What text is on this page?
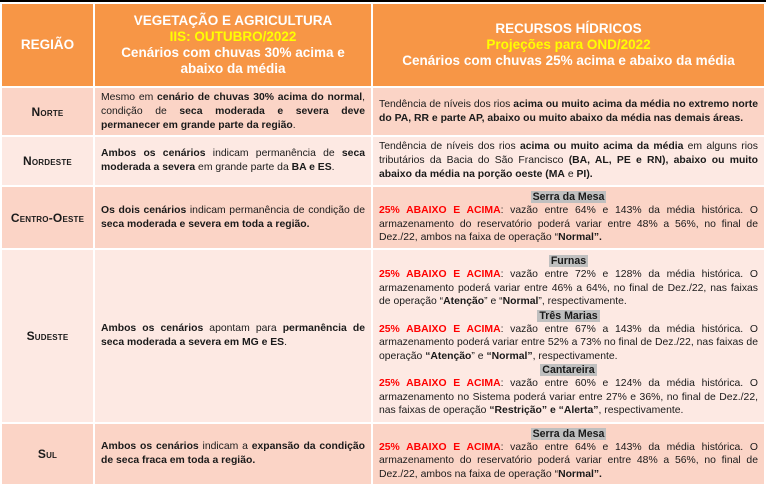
REGIÃO	
VEGETAÇÃO E AGRICULTURA
IIS: OUTUBRO/2022
Cenários com chuvas 30% acima e abaixo da média

RECURSOS HÍDRICOS
Projeções para OND/2022
Cenários com chuvas 25% acima e abaixo da média

Norte	Mesmo em cenário de chuvas 30% acima do normal, condição de seca moderada e severa deve permanecer em grande parte da região.	Tendência de níveis dos rios acima ou muito acima da média no extremo norte do PA, RR e parte AP, abaixo ou muito abaixo da média nas demais áreas.
Nordeste	Ambos os cenários indicam permanência de seca moderada a severa em grande parte da BA e ES.	Tendência de níveis dos rios acima ou muito acima da média em alguns rios tributários da Bacia do São Francisco (BA, AL, PE e RN), abaixo ou muito abaixo da média na porção oeste (MA e PI).
Centro-Oeste	Os dois cenários indicam permanência de condição de seca moderada e severa em toda a região.	Serra da Mesa
25% ABAIXO E ACIMA: vazão entre 64% e 143% da média histórica. O armazenamento do reservatório poderá variar entre 48% a 56%, no final de Dez./22, ambos na faixa de operação “Normal”.

Sudeste	Ambos os cenários apontam para permanência de seca moderada a severa em MG e ES.	
Furnas
25% ABAIXO E ACIMA: vazão entre 72% e 128% da média histórica. O armazenamento poderá variar entre 46% a 64%, no final de Dez./22, nas faixas de operação “Atenção” e “Normal”, respectivamente.
Três Marias
25% ABAIXO E ACIMA: vazão entre 67% a 143% da média histórica. O armazenamento poderá variar entre 52% a 73% no final de Dez./22, nas faixas de operação “Atenção” e “Normal”, respectivamente.
Cantareira
25% ABAIXO E ACIMA: vazão entre 60% e 124% da média histórica. O armazenamento no Sistema poderá variar entre 27% e 36%, no final de Dez./22, nas faixas de operação “Restrição” e “Alerta”, respectivamente.

Sul	Ambos os cenários indicam a expansão da condição de seca fraca em toda a região.	Serra da Mesa
25% ABAIXO E ACIMA: vazão entre 64% e 143% da média histórica. O armazenamento do reservatório poderá variar entre 48% a 56%, no final de Dez./22, ambos na faixa de operação “Normal”.
